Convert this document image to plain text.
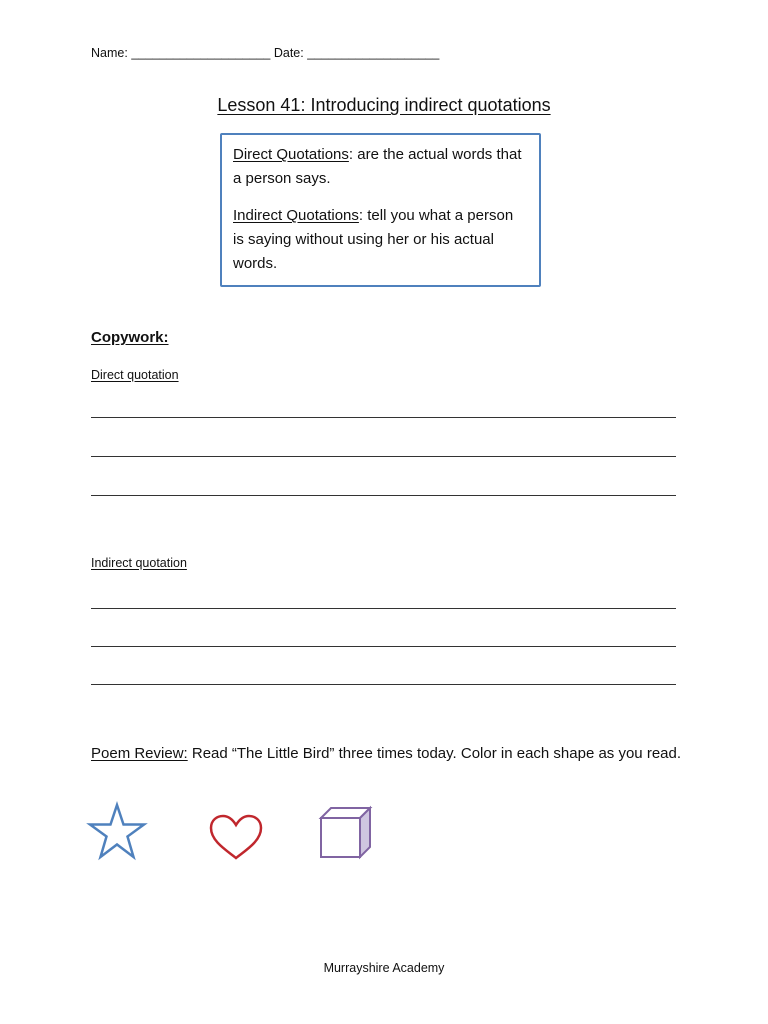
Name: ____________________ Date: ___________________
Lesson 41: Introducing indirect quotations

Direct Quotations: are the actual words that a person says.

Indirect Quotations: tell you what a person is saying without using her or his actual words.

Copywork:
Direct quotation
Indirect quotation
Poem Review: Read “The Little Bird” three times today. Color in each shape as you read.
Murrayshire Academy
